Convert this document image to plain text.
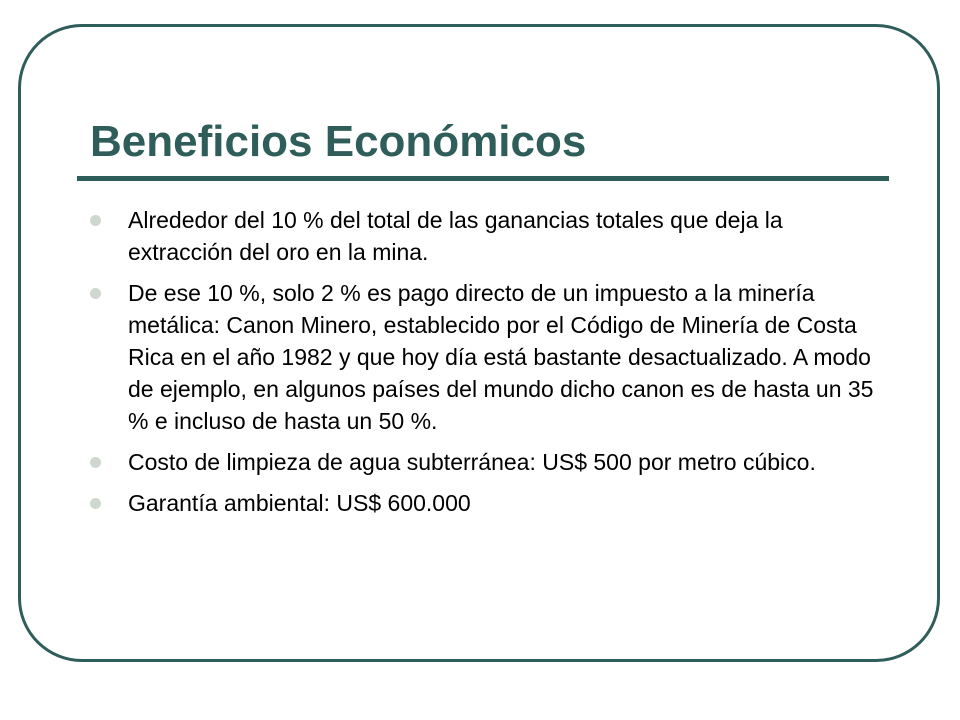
Beneficios Económicos
Alrededor del 10 % del total de las ganancias totales que deja la extracción del oro en la mina.
De ese 10 %, solo 2 % es pago directo de un impuesto a la minería metálica: Canon Minero, establecido por el Código de Minería de Costa Rica en el año 1982 y que hoy día está bastante desactualizado. A modo de ejemplo, en algunos países del mundo dicho canon es de hasta un 35 % e incluso de hasta un 50 %.
Costo de limpieza de agua subterránea: US$ 500 por metro cúbico.
Garantía ambiental: US$ 600.000
